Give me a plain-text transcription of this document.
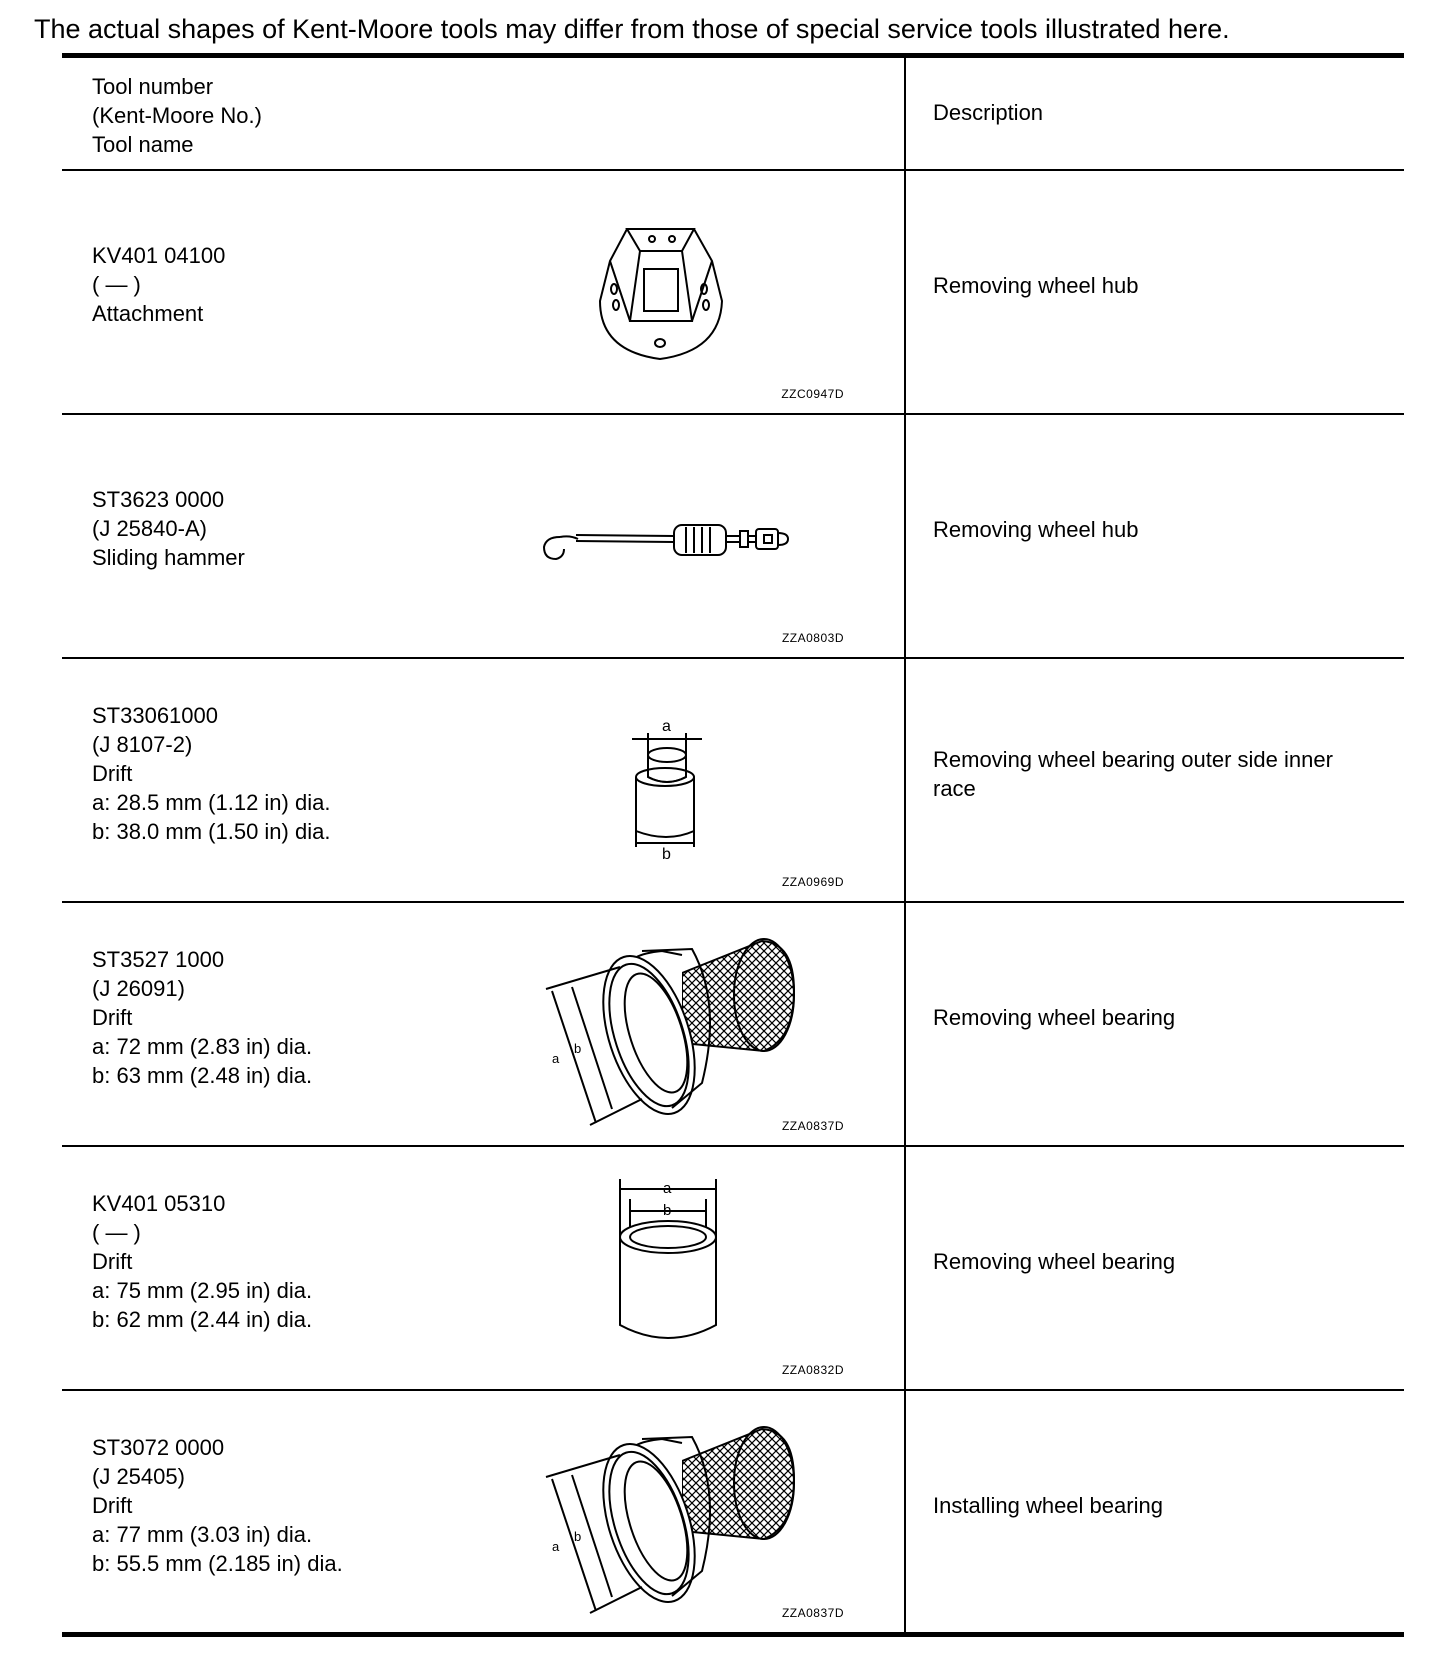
The actual shapes of Kent-Moore tools may differ from those of special service tools illustrated here.
Tool number
(Kent-Moore No.)
Tool name
Description
KV401 04100
( — )
Attachment
ZZC0947D
Removing wheel hub
ST3623 0000
(J 25840-A)
Sliding hammer
ZZA0803D
Removing wheel hub
ST33061000
(J 8107-2)
Drift
a: 28.5 mm (1.12 in) dia.
b: 38.0 mm (1.50 in) dia.
a
b
ZZA0969D
Removing wheel bearing outer side inner race
ST3527 1000
(J 26091)
Drift
a: 72 mm (2.83 in) dia.
b: 63 mm (2.48 in) dia.
a
b
ZZA0837D
Removing wheel bearing
KV401 05310
( — )
Drift
a: 75 mm (2.95 in) dia.
b: 62 mm (2.44 in) dia.
a
b
ZZA0832D
Removing wheel bearing
ST3072 0000
(J 25405)
Drift
a: 77 mm (3.03 in) dia.
b: 55.5 mm (2.185 in) dia.
a
b
ZZA0837D
Installing wheel bearing
